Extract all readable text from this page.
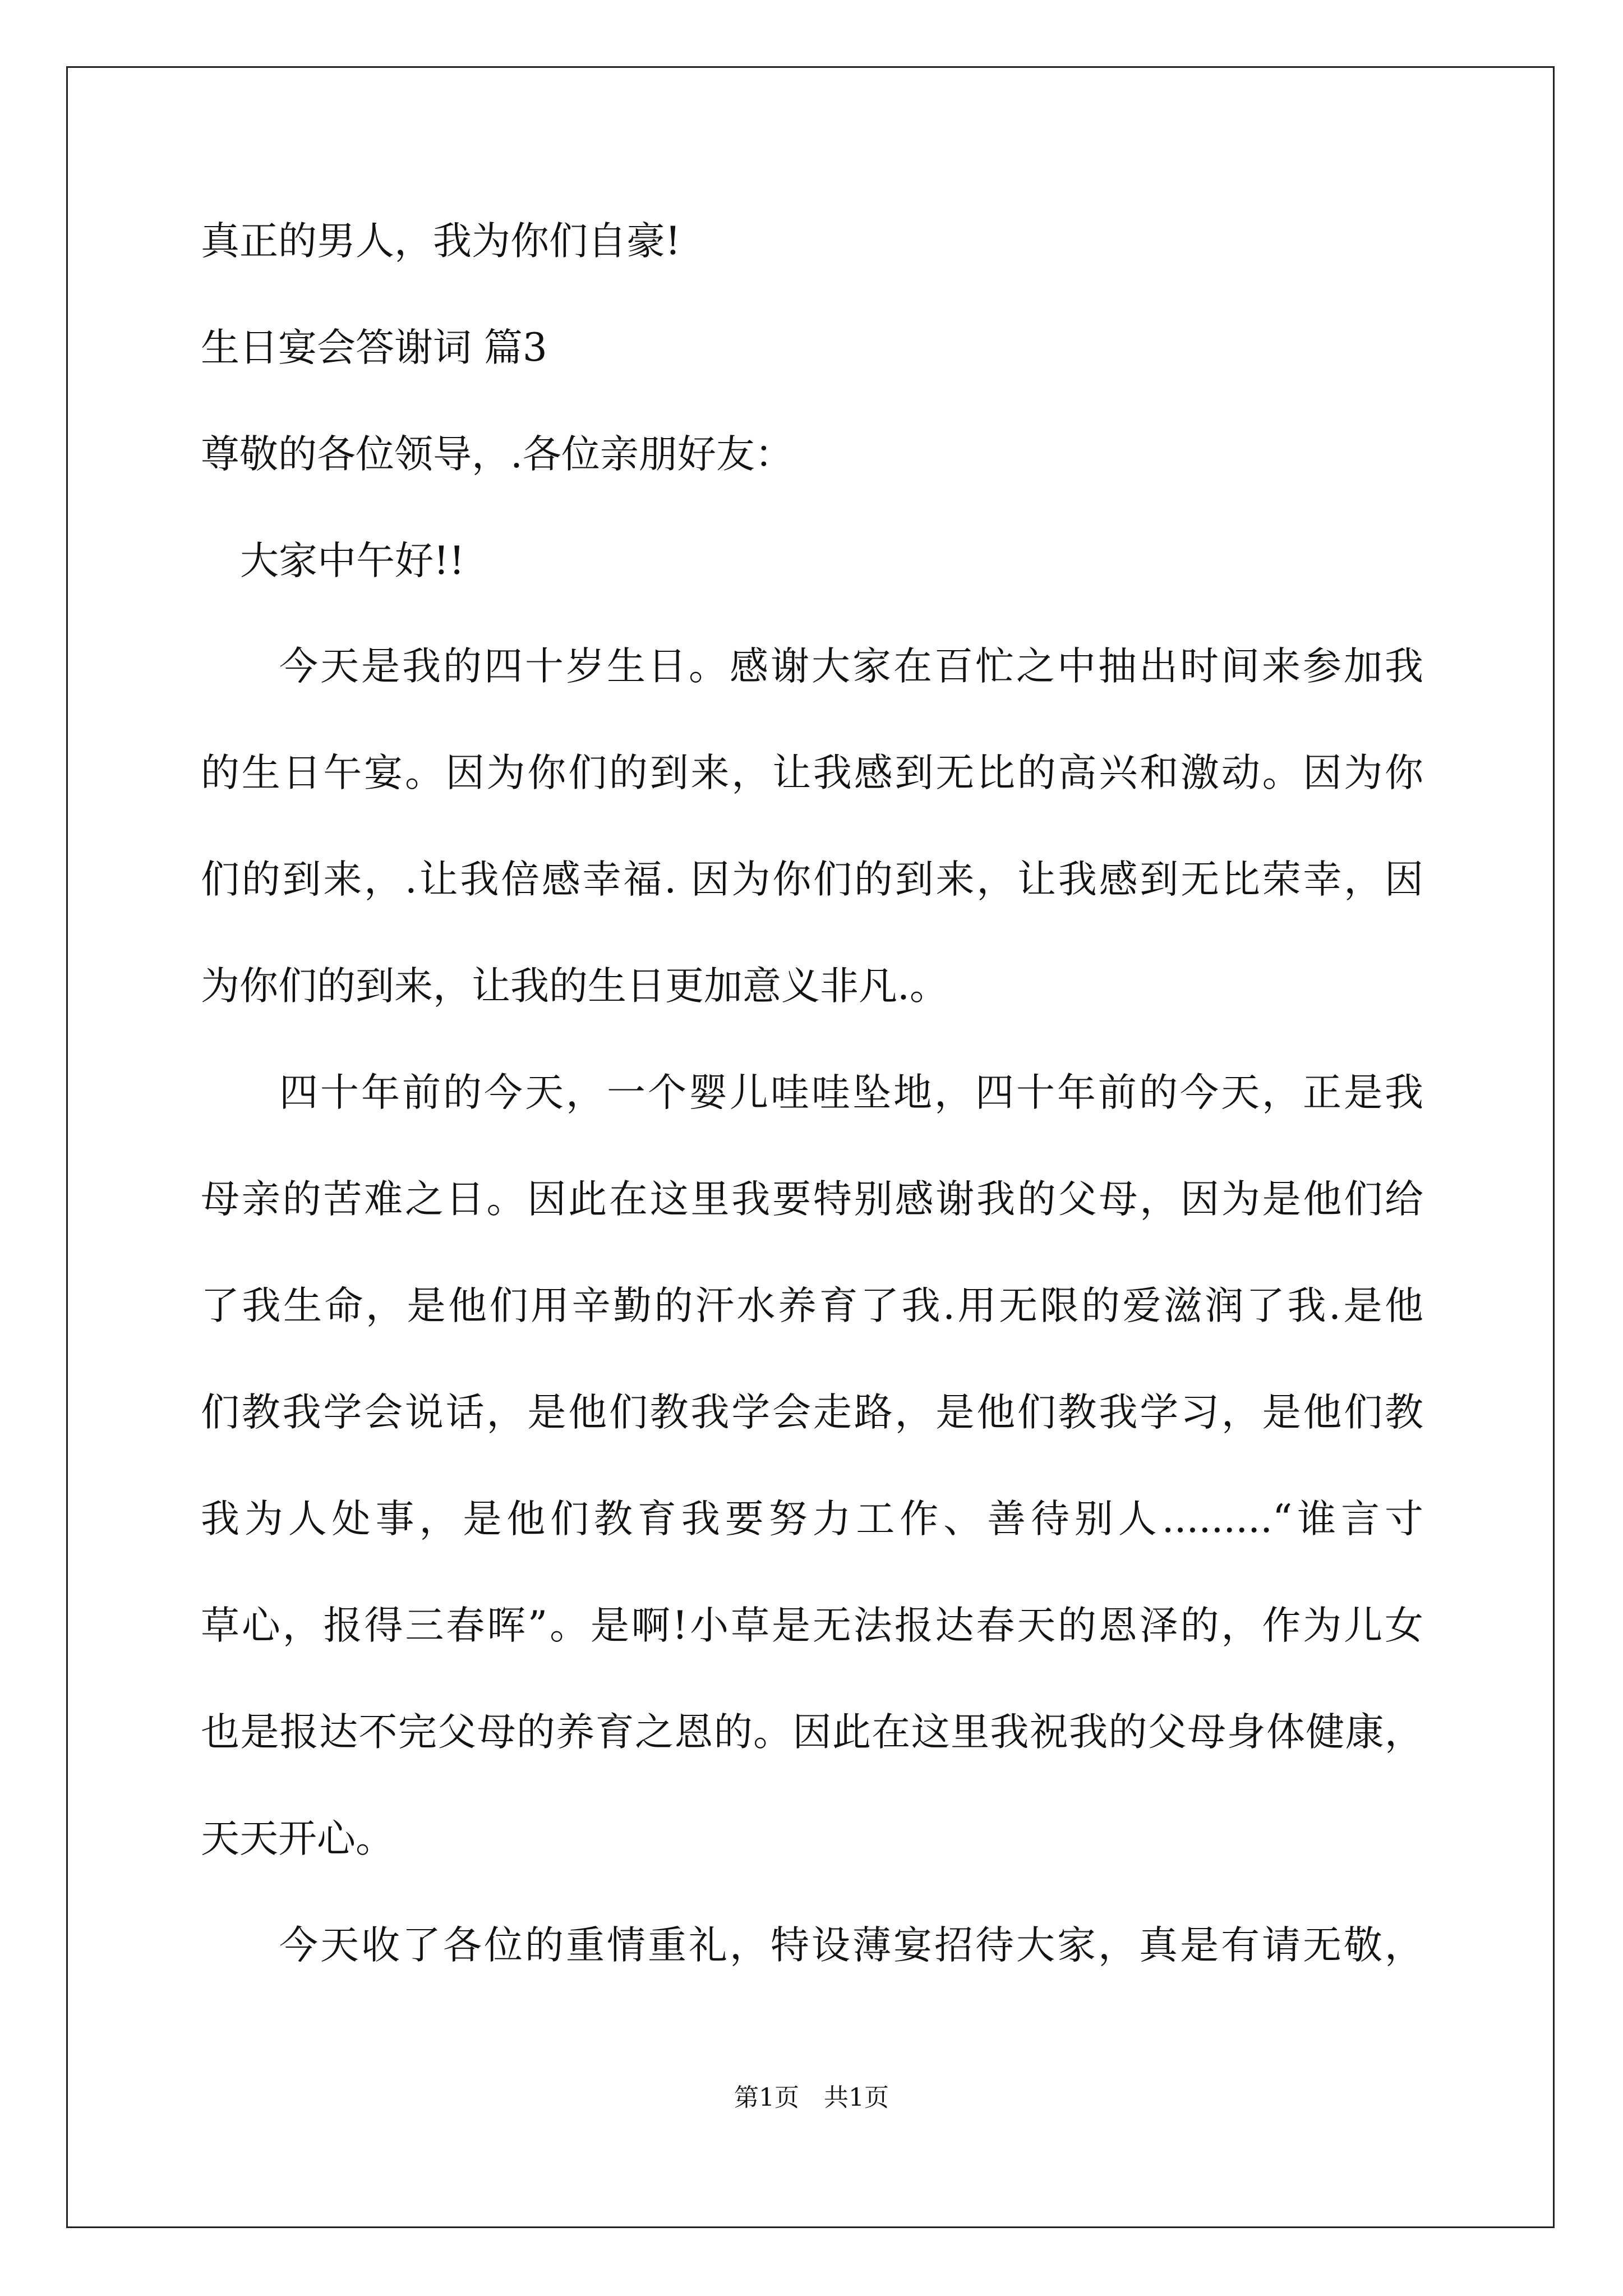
真正的男人，我为你们自豪!
生日宴会答谢词 篇3
尊敬的各位领导，.各位亲朋好友：
大家中午好!!
今天是我的四十岁生日。感谢大家在百忙之中抽出时间来参加我
的生日午宴。因为你们的到来，让我感到无比的高兴和激动。因为你
们的到来，.让我倍感幸福. 因为你们的到来，让我感到无比荣幸，因
为你们的到来，让我的生日更加意义非凡.。
四十年前的今天，一个婴儿哇哇坠地，四十年前的今天，正是我
母亲的苦难之日。因此在这里我要特别感谢我的父母，因为是他们给
了我生命，是他们用辛勤的汗水养育了我.用无限的爱滋润了我.是他
们教我学会说话，是他们教我学会走路，是他们教我学习，是他们教
我为人处事，是他们教育我要努力工作、善待别人.........“谁言寸
草心，报得三春晖”。是啊!小草是无法报达春天的恩泽的，作为儿女
也是报达不完父母的养育之恩的。因此在这里我祝我的父母身体健康，
天天开心。
今天收了各位的重情重礼，特设薄宴招待大家，真是有请无敬，
第1页　共1页
